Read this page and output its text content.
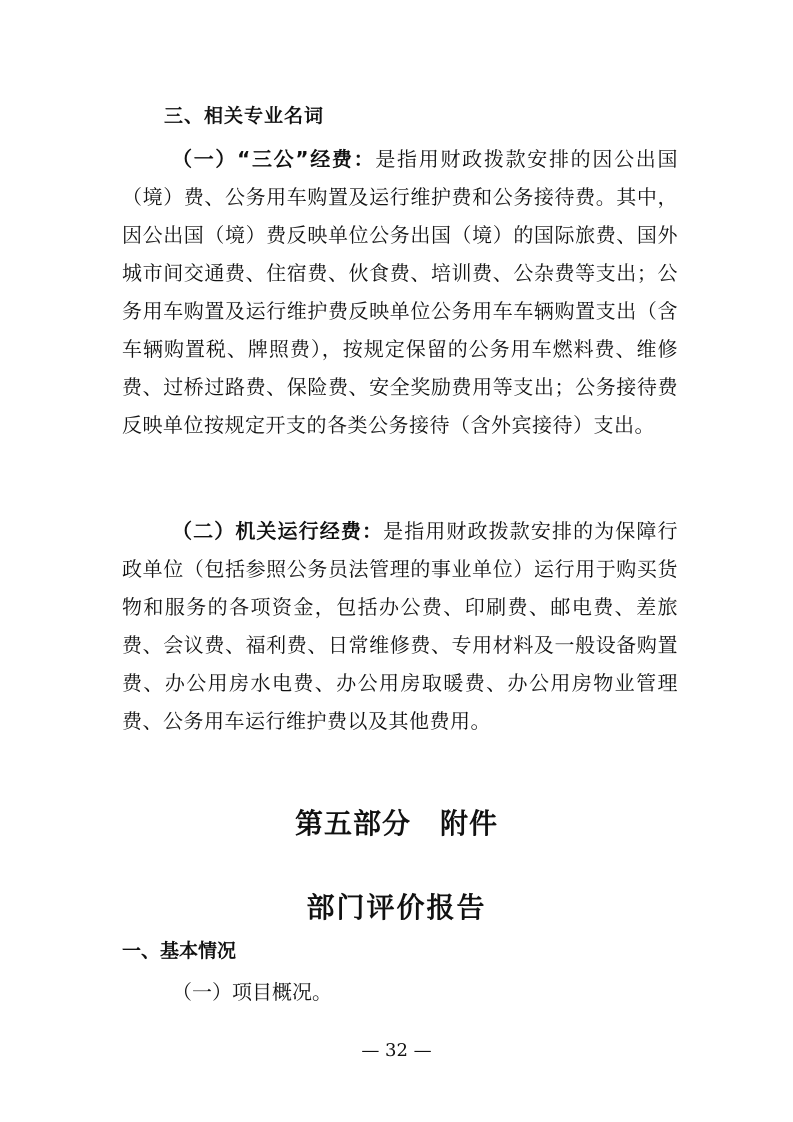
三、相关专业名词

（一）“三公”经费：是指用财政拨款安排的因公出国（境）费、公务用车购置及运行维护费和公务接待费。其中，因公出国（境）费反映单位公务出国（境）的国际旅费、国外城市间交通费、住宿费、伙食费、培训费、公杂费等支出；公务用车购置及运行维护费反映单位公务用车车辆购置支出（含车辆购置税、牌照费），按规定保留的公务用车燃料费、维修费、过桥过路费、保险费、安全奖励费用等支出；公务接待费反映单位按规定开支的各类公务接待（含外宾接待）支出。

（二）机关运行经费：是指用财政拨款安排的为保障行政单位（包括参照公务员法管理的事业单位）运行用于购买货物和服务的各项资金，包括办公费、印刷费、邮电费、差旅费、会议费、福利费、日常维修费、专用材料及一般设备购置费、办公用房水电费、办公用房取暖费、办公用房物业管理费、公务用车运行维护费以及其他费用。

第五部分　附件
部门评价报告
一、基本情况
（一）项目概况。
— 32 —
